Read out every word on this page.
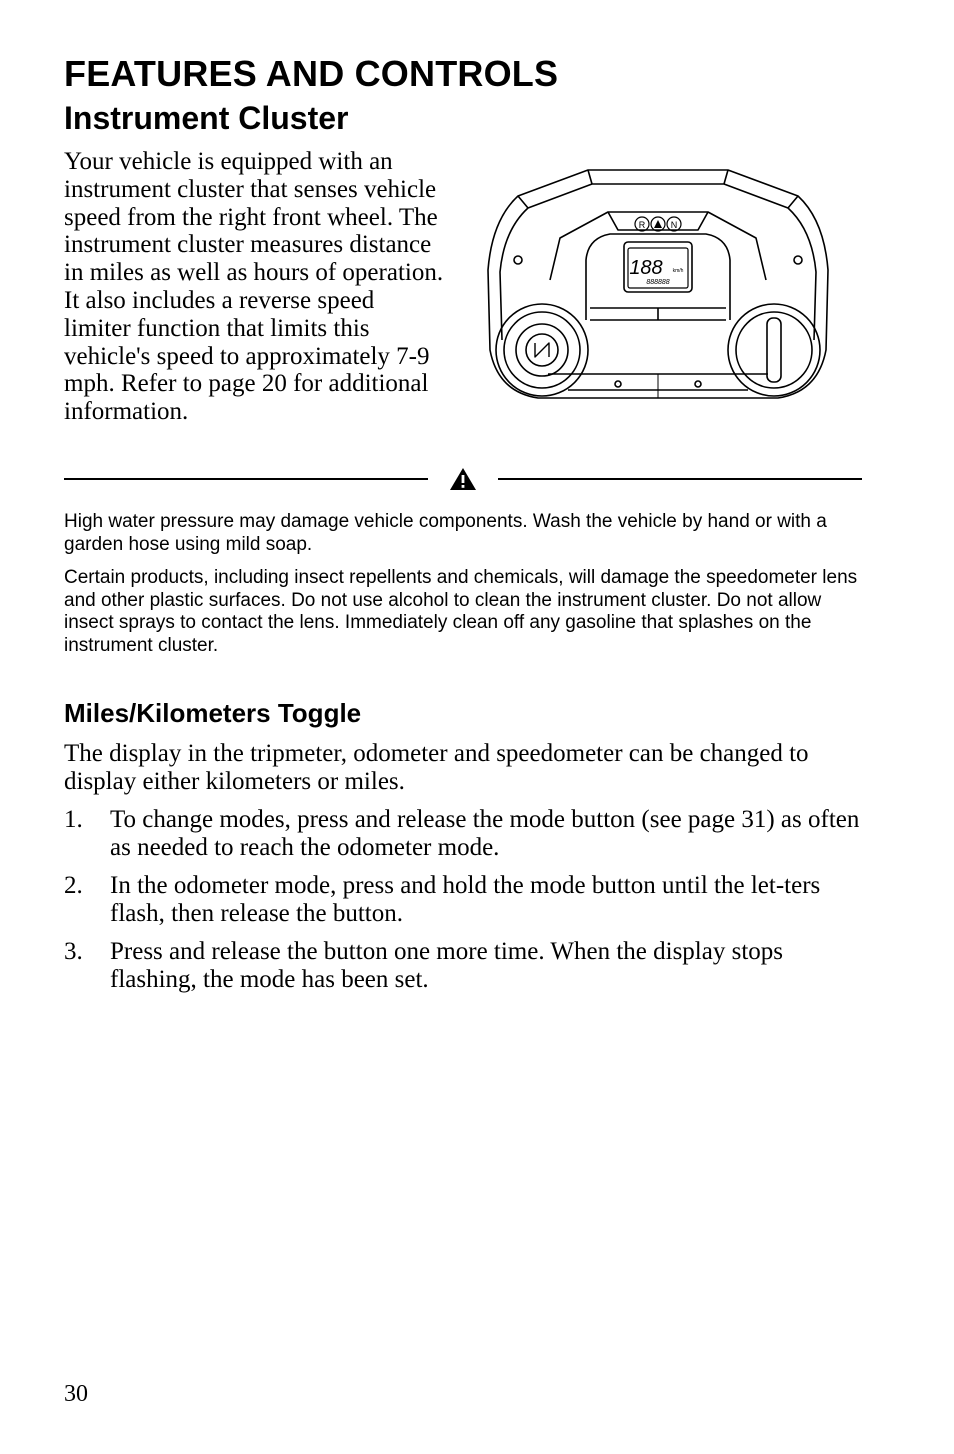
FEATURES AND CONTROLS
Instrument Cluster

Your vehicle is equipped with an instrument cluster that senses vehicle speed from the right front wheel. The instrument cluster measures distance in miles as well as hours of operation. It also includes a reverse speed limiter function that limits this vehicle's speed to approximately 7-9 mph. Refer to page 20 for additional information.

R	N
188 km/h
888888

High water pressure may damage vehicle components. Wash the vehicle by hand or with a garden hose using mild soap.

Certain products, including insect repellents and chemicals, will damage the speedometer lens and other plastic surfaces. Do not use alcohol to clean the instrument cluster. Do not allow insect sprays to contact the lens. Immediately clean off any gasoline that splashes on the instrument cluster.

Miles/Kilometers Toggle

The display in the tripmeter, odometer and speedometer can be changed to display either kilometers or miles.

1. To change modes, press and release the mode button (see page 31) as often as needed to reach the odometer mode.
2. In the odometer mode, press and hold the mode button until the let-ters flash, then release the button.
3. Press and release the button one more time. When the display stops flashing, the mode has been set.

30
